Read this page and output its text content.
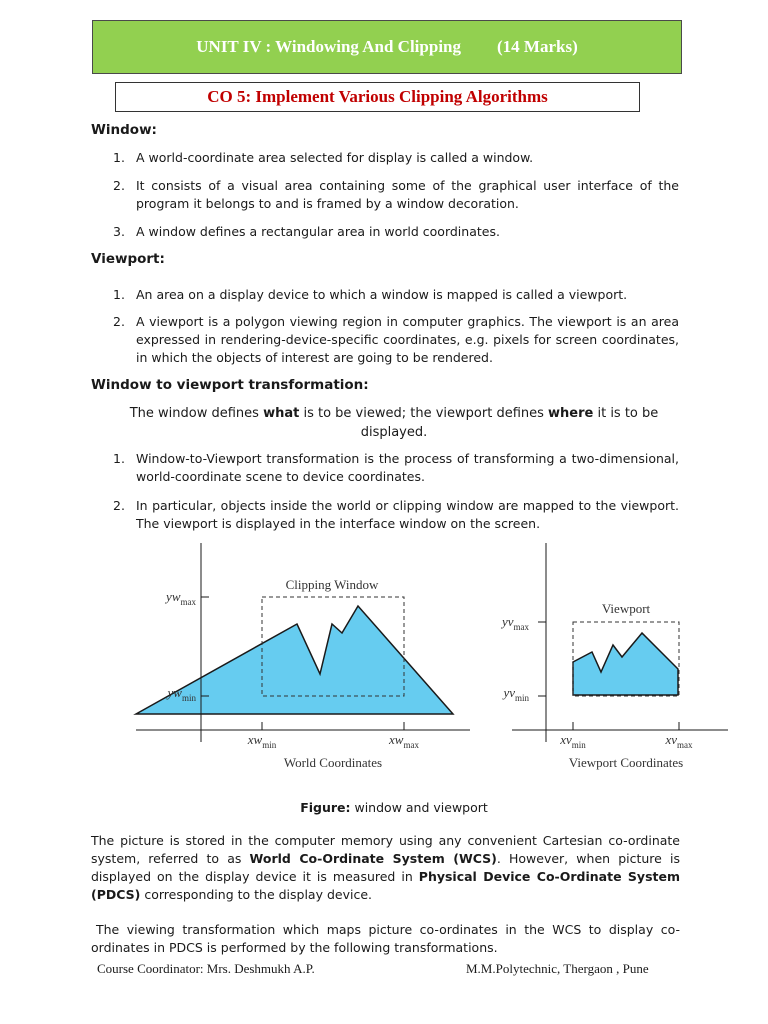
UNIT IV : Windowing And Clipping (14 Marks)
CO 5: Implement Various Clipping Algorithms
Window:
1. A world-coordinate area selected for display is called a window.
2. It consists of a visual area containing some of the graphical user interface of the program it belongs to and is framed by a window decoration.
3. A window defines a rectangular area in world coordinates.
Viewport:
1. An area on a display device to which a window is mapped is called a viewport.
2. A viewport is a polygon viewing region in computer graphics. The viewport is an area expressed in rendering-device-specific coordinates, e.g. pixels for screen coordinates, in which the objects of interest are going to be rendered.
Window to viewport transformation:
The window defines what is to be viewed; the viewport defines where it is to be displayed.
1. Window-to-Viewport transformation is the process of transforming a two-dimensional, world-coordinate scene to device coordinates.
2. In particular, objects inside the world or clipping window are mapped to the viewport. The viewport is displayed in the interface window on the screen.
Clipping Window
$yw_{max}$
$yw_{min}$
$xw_{min}$	$xw_{max}$
World Coordinates
Viewport
$yv_{max}$
$yv_{min}$
$xv_{min}$	$xv_{max}$
Viewport Coordinates
Figure: window and viewport
The picture is stored in the computer memory using any convenient Cartesian co-ordinate system, referred to as World Co-Ordinate System (WCS). However, when picture is displayed on the display device it is measured in Physical Device Co-Ordinate System (PDCS) corresponding to the display device.
The viewing transformation which maps picture co-ordinates in the WCS to display co-ordinates in PDCS is performed by the following transformations.
Course Coordinator: Mrs. Deshmukh A.P.	M.M.Polytechnic, Thergaon , Pune
